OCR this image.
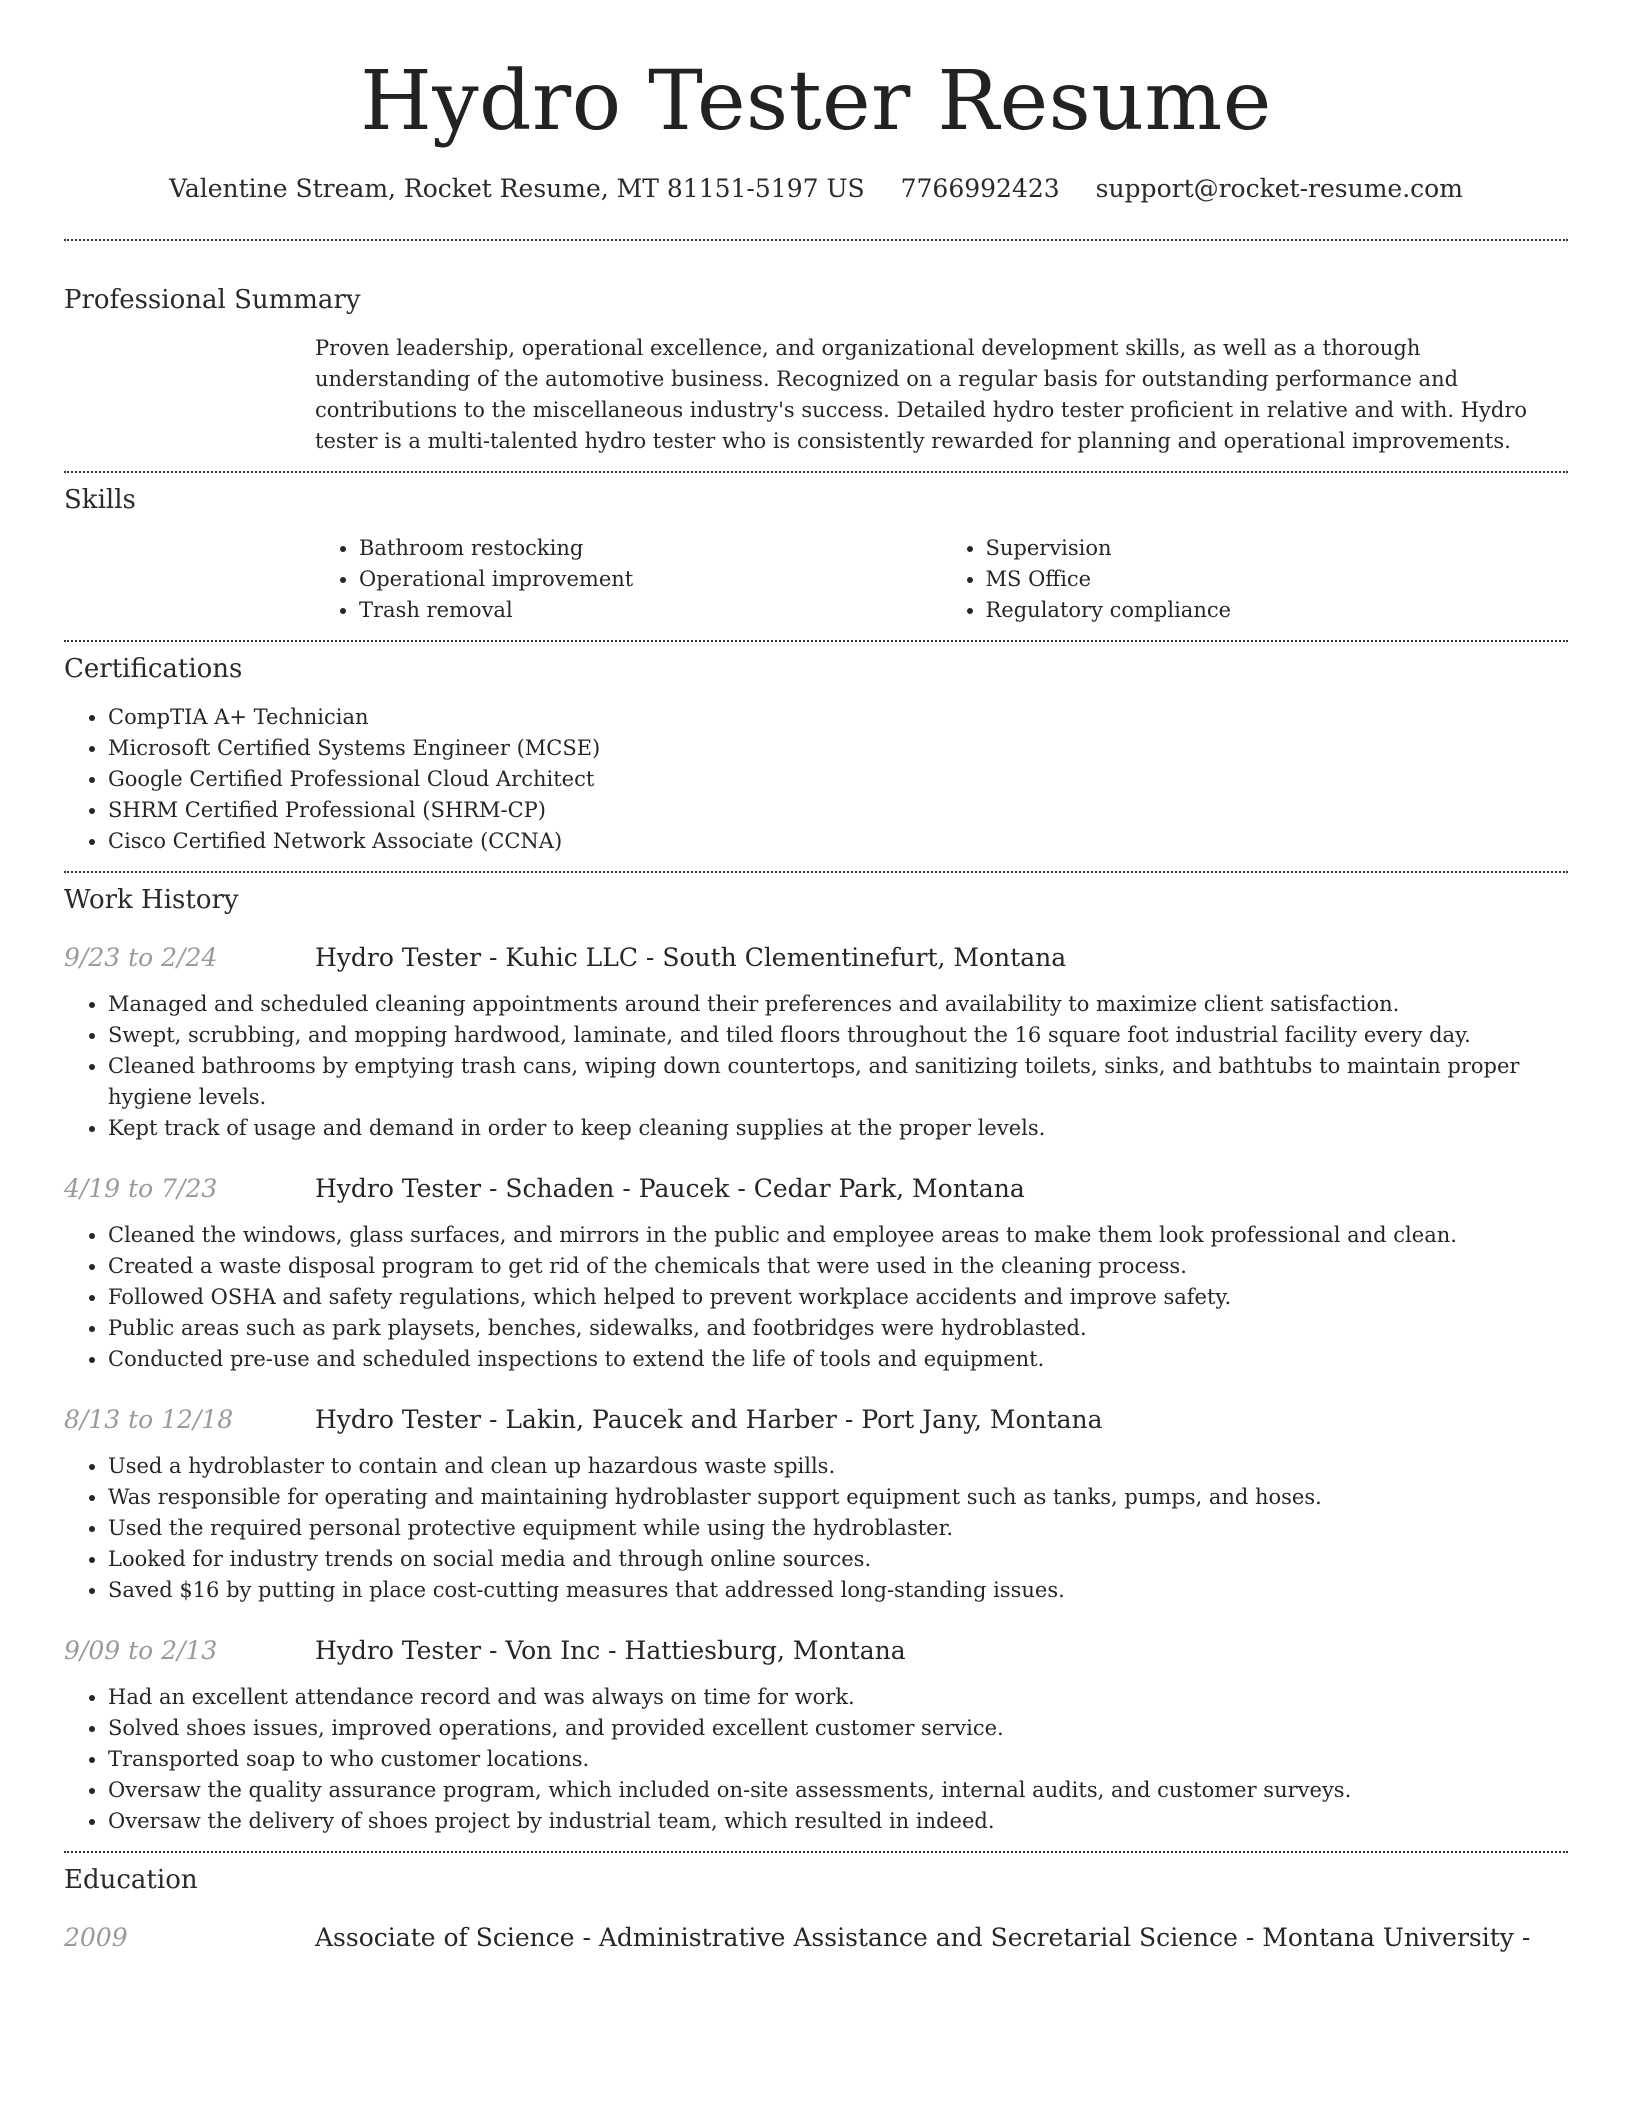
Hydro Tester Resume
Valentine Stream, Rocket Resume, MT 81151-5197 US 7766992423 support@rocket-resume.com
Professional Summary
Proven leadership, operational excellence, and organizational development skills, as well as a thorough understanding of the automotive business. Recognized on a regular basis for outstanding performance and contributions to the miscellaneous industry's success. Detailed hydro tester proficient in relative and with. Hydro tester is a multi-talented hydro tester who is consistently rewarded for planning and operational improvements.
Skills
• Bathroom restocking
• Operational improvement
• Trash removal
• Supervision
• MS Office
• Regulatory compliance
Certifications
• CompTIA A+ Technician
• Microsoft Certified Systems Engineer (MCSE)
• Google Certified Professional Cloud Architect
• SHRM Certified Professional (SHRM-CP)
• Cisco Certified Network Associate (CCNA)
Work History
9/23 to 2/24	Hydro Tester - Kuhic LLC - South Clementinefurt, Montana
• Managed and scheduled cleaning appointments around their preferences and availability to maximize client satisfaction.
• Swept, scrubbing, and mopping hardwood, laminate, and tiled floors throughout the 16 square foot industrial facility every day.
• Cleaned bathrooms by emptying trash cans, wiping down countertops, and sanitizing toilets, sinks, and bathtubs to maintain proper hygiene levels.
• Kept track of usage and demand in order to keep cleaning supplies at the proper levels.
4/19 to 7/23	Hydro Tester - Schaden - Paucek - Cedar Park, Montana
• Cleaned the windows, glass surfaces, and mirrors in the public and employee areas to make them look professional and clean.
• Created a waste disposal program to get rid of the chemicals that were used in the cleaning process.
• Followed OSHA and safety regulations, which helped to prevent workplace accidents and improve safety.
• Public areas such as park playsets, benches, sidewalks, and footbridges were hydroblasted.
• Conducted pre-use and scheduled inspections to extend the life of tools and equipment.
8/13 to 12/18	Hydro Tester - Lakin, Paucek and Harber - Port Jany, Montana
• Used a hydroblaster to contain and clean up hazardous waste spills.
• Was responsible for operating and maintaining hydroblaster support equipment such as tanks, pumps, and hoses.
• Used the required personal protective equipment while using the hydroblaster.
• Looked for industry trends on social media and through online sources.
• Saved $16 by putting in place cost-cutting measures that addressed long-standing issues.
9/09 to 2/13	Hydro Tester - Von Inc - Hattiesburg, Montana
• Had an excellent attendance record and was always on time for work.
• Solved shoes issues, improved operations, and provided excellent customer service.
• Transported soap to who customer locations.
• Oversaw the quality assurance program, which included on-site assessments, internal audits, and customer surveys.
• Oversaw the delivery of shoes project by industrial team, which resulted in indeed.
Education
2009	Associate of Science - Administrative Assistance and Secretarial Science - Montana University -
